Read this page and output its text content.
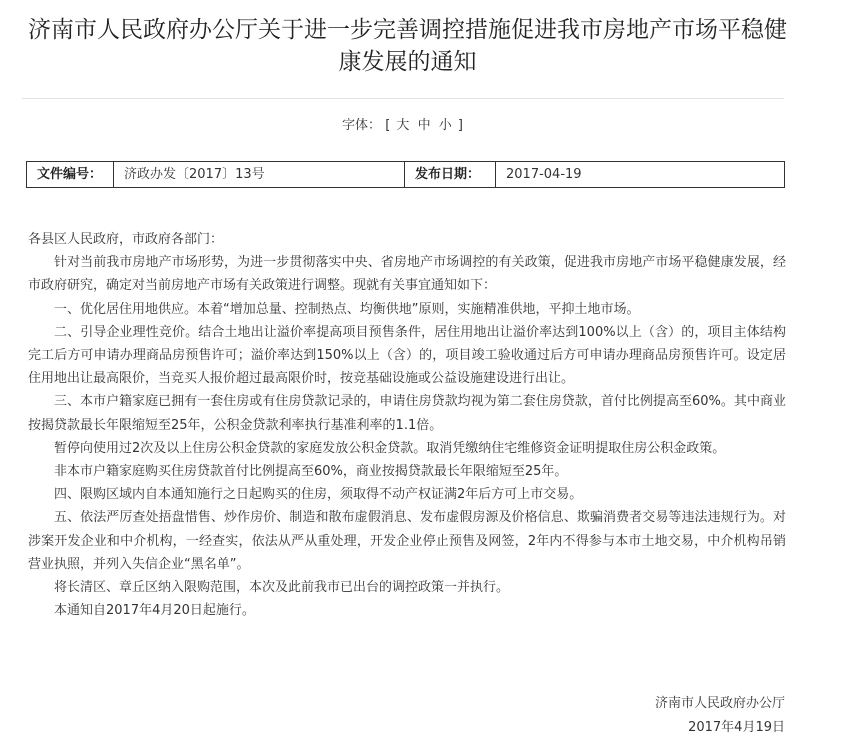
济南市人民政府办公厅关于进一步完善调控措施促进我市房地产市场平稳健康发展的通知
字体： [ 大 中 小 ]
文件编号：	济政办发〔2017〕13号	发布日期：	2017-04-19

各县区人民政府，市政府各部门：

针对当前我市房地产市场形势，为进一步贯彻落实中央、省房地产市场调控的有关政策，促进我市房地产市场平稳健康发展，经市政府研究，确定对当前房地产市场有关政策进行调整。现就有关事宜通知如下：

一、优化居住用地供应。本着“增加总量、控制热点、均衡供地”原则，实施精准供地，平抑土地市场。

二、引导企业理性竞价。结合土地出让溢价率提高项目预售条件，居住用地出让溢价率达到100%以上（含）的，项目主体结构完工后方可申请办理商品房预售许可；溢价率达到150%以上（含）的，项目竣工验收通过后方可申请办理商品房预售许可。设定居住用地出让最高限价，当竞买人报价超过最高限价时，按竞基础设施或公益设施建设进行出让。

三、本市户籍家庭已拥有一套住房或有住房贷款记录的，申请住房贷款均视为第二套住房贷款，首付比例提高至60%。其中商业按揭贷款最长年限缩短至25年，公积金贷款利率执行基准利率的1.1倍。

暂停向使用过2次及以上住房公积金贷款的家庭发放公积金贷款。取消凭缴纳住宅维修资金证明提取住房公积金政策。

非本市户籍家庭购买住房贷款首付比例提高至60%，商业按揭贷款最长年限缩短至25年。

四、限购区域内自本通知施行之日起购买的住房，须取得不动产权证满2年后方可上市交易。

五、依法严厉查处捂盘惜售、炒作房价、制造和散布虚假消息、发布虚假房源及价格信息、欺骗消费者交易等违法违规行为。对涉案开发企业和中介机构，一经查实，依法从严从重处理，开发企业停止预售及网签，2年内不得参与本市土地交易，中介机构吊销营业执照，并列入失信企业“黑名单”。

将长清区、章丘区纳入限购范围，本次及此前我市已出台的调控政策一并执行。

本通知自2017年4月20日起施行。

济南市人民政府办公厅
2017年4月19日
